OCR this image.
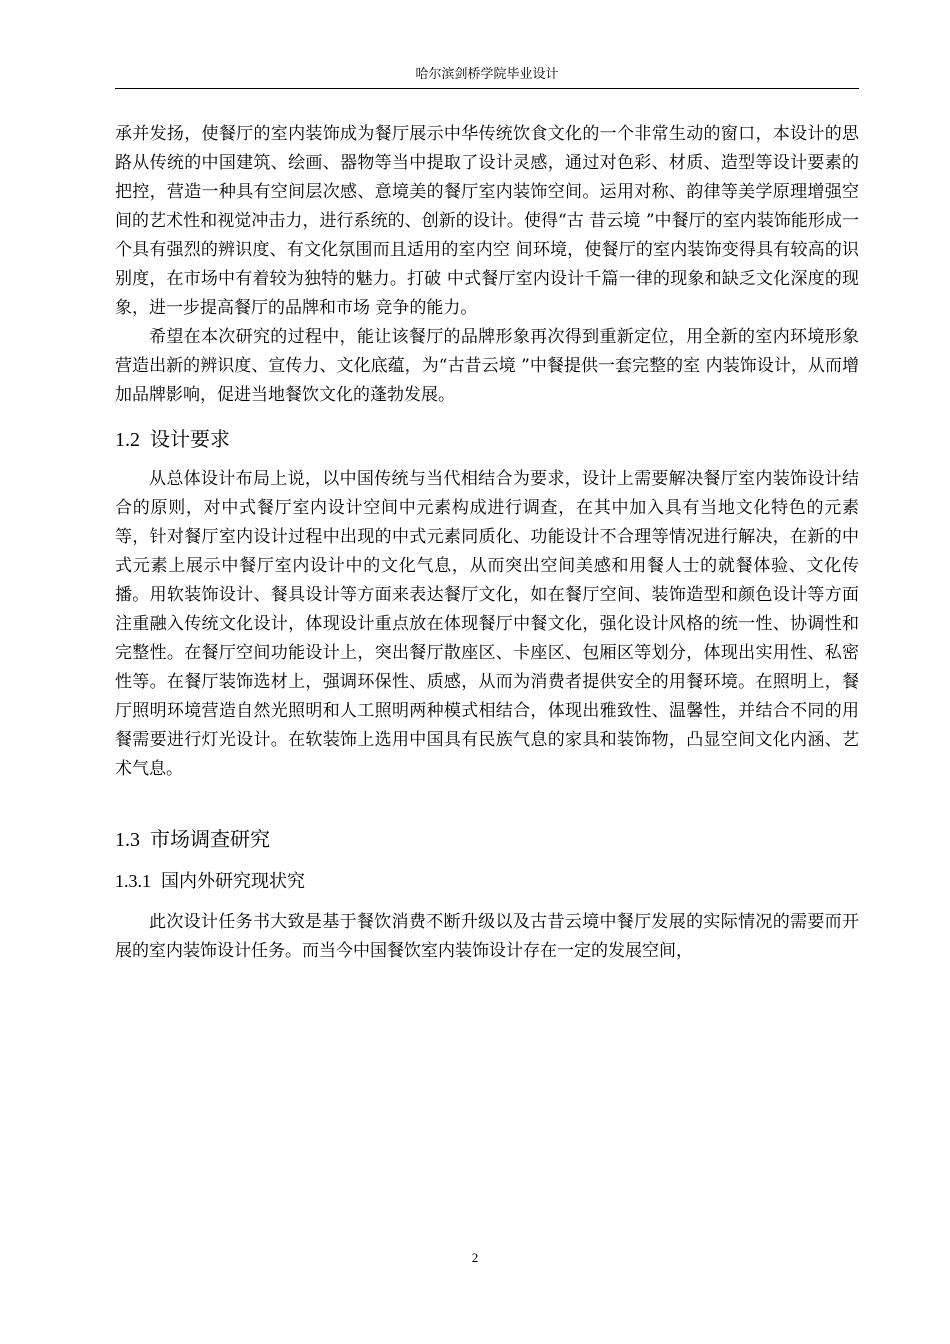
哈尔滨剑桥学院毕业设计

承并发扬，使餐厅的室内装饰成为餐厅展示中华传统饮食文化的一个非常生动的窗口，本设计的思路从传统的中国建筑、绘画、器物等当中提取了设计灵感，通过对色彩、材质、造型等设计要素的把控，营造一种具有空间层次感、意境美的餐厅室内装饰空间。运用对称、韵律等美学原理增强空间的艺术性和视觉冲击力，进行系统的、创新的设计。使得“古 昔云境 ”中餐厅的室内装饰能形成一个具有强烈的辨识度、有文化氛围而且适用的室内空 间环境，使餐厅的室内装饰变得具有较高的识别度，在市场中有着较为独特的魅力。打破 中式餐厅室内设计千篇一律的现象和缺乏文化深度的现象，进一步提高餐厅的品牌和市场 竞争的能力。

希望在本次研究的过程中，能让该餐厅的品牌形象再次得到重新定位，用全新的室内环境形象营造出新的辨识度、宣传力、文化底蕴，为“古昔云境 ”中餐提供一套完整的室 内装饰设计，从而增加品牌影响，促进当地餐饮文化的蓬勃发展。

1.2 设计要求

从总体设计布局上说，以中国传统与当代相结合为要求，设计上需要解决餐厅室内装饰设计结合的原则，对中式餐厅室内设计空间中元素构成进行调查，在其中加入具有当地文化特色的元素等，针对餐厅室内设计过程中出现的中式元素同质化、功能设计不合理等情况进行解决，在新的中式元素上展示中餐厅室内设计中的文化气息，从而突出空间美感和用餐人士的就餐体验、文化传播。用软装饰设计、餐具设计等方面来表达餐厅文化，如在餐厅空间、装饰造型和颜色设计等方面注重融入传统文化设计，体现设计重点放在体现餐厅中餐文化，强化设计风格的统一性、协调性和完整性。在餐厅空间功能设计上，突出餐厅散座区、卡座区、包厢区等划分，体现出实用性、私密性等。在餐厅装饰选材上，强调环保性、质感，从而为消费者提供安全的用餐环境。在照明上，餐厅照明环境营造自然光照明和人工照明两种模式相结合，体现出雅致性、温馨性，并结合不同的用餐需要进行灯光设计。在软装饰上选用中国具有民族气息的家具和装饰物，凸显空间文化内涵、艺术气息。

1.3 市场调查研究
1.3.1 国内外研究现状究

此次设计任务书大致是基于餐饮消费不断升级以及古昔云境中餐厅发展的实际情况的需要而开展的室内装饰设计任务。而当今中国餐饮室内装饰设计存在一定的发展空间，

2
